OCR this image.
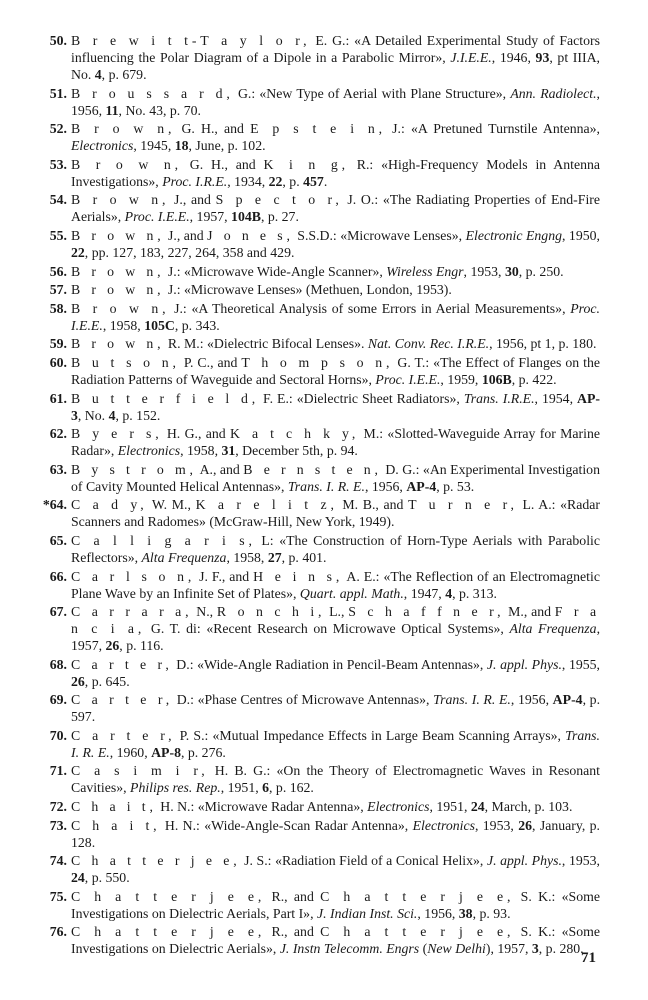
50. B r e w i t t-T a y l o r, E. G.: «A Detailed Experimental Study of Factors influencing the Polar Diagram of a Dipole in a Parabolic Mirror», J.I.E.E., 1946, 93, pt IIIA, No. 4, p. 679.
51. B r o u s s a r d, G.: «New Type of Aerial with Plane Structure», Ann. Radiolect., 1956, 11, No. 43, p. 70.
52. B r o w n, G. H., and E p s t e i n, J.: «A Pretuned Turnstile Antenna», Electronics, 1945, 18, June, p. 102.
53. B r o w n, G. H., and K i n g, R.: «High-Frequency Models in Antenna Investigations», Proc. I.R.E., 1934, 22, p. 457.
54. B r o w n, J., and S p e c t o r, J. O.: «The Radiating Properties of End-Fire Aerials», Proc. I.E.E., 1957, 104B, p. 27.
55. B r o w n, J., and J o n e s, S.S.D.: «Microwave Lenses», Electronic Engng, 1950, 22, pp. 127, 183, 227, 264, 358 and 429.
56. B r o w n, J.: «Microwave Wide-Angle Scanner», Wireless Engr, 1953, 30, p. 250.
57. B r o w n, J.: «Microwave Lenses» (Methuen, London, 1953).
58. B r o w n, J.: «A Theoretical Analysis of some Errors in Aerial Measurements», Proc. I.E.E., 1958, 105C, p. 343.
59. B r o w n, R. M.: «Dielectric Bifocal Lenses». Nat. Conv. Rec. I.R.E., 1956, pt 1, p. 180.
60. B u t s o n, P. C., and T h o m p s o n, G. T.: «The Effect of Flanges on the Radiation Patterns of Waveguide and Sectoral Horns», Proc. I.E.E., 1959, 106B, p. 422.
61. B u t t e r f i e l d, F. E.: «Dielectric Sheet Radiators», Trans. I.R.E., 1954, AP-3, No. 4, p. 152.
62. B y e r s, H. G., and K a t c h k y, M.: «Slotted-Waveguide Array for Marine Radar», Electronics, 1958, 31, December 5th, p. 94.
63. B y s t r o m, A., and B e r n s t e n, D. G.: «An Experimental Investigation of Cavity Mounted Helical Antennas», Trans. I. R. E., 1956, AP-4, p. 53.
*64. C a d y, W. M., K a r e l i t z, M. B., and T u r n e r, L. A.: «Radar Scanners and Radomes» (McGraw-Hill, New York, 1949).
65. C a l l i g a r i s, L: «The Construction of Horn-Type Aerials with Parabolic Reflectors», Alta Frequenza, 1958, 27, p. 401.
66. C a r l s o n, J. F., and H e i n s, A. E.: «The Reflection of an Electromagnetic Plane Wave by an Infinite Set of Plates», Quart. appl. Math., 1947, 4, p. 313.
67. C a r r a r a, N., R o n c h i, L., S c h a f f n e r, M., and F r a n c i a, G. T. di: «Recent Research on Microwave Optical Systems», Alta Frequenza, 1957, 26, p. 116.
68. C a r t e r, D.: «Wide-Angle Radiation in Pencil-Beam Antennas», J. appl. Phys., 1955, 26, p. 645.
69. C a r t e r, D.: «Phase Centres of Microwave Antennas», Trans. I. R. E., 1956, AP-4, p. 597.
70. C a r t e r, P. S.: «Mutual Impedance Effects in Large Beam Scanning Arrays», Trans. I. R. E., 1960, AP-8, p. 276.
71. C a s i m i r, H. B. G.: «On the Theory of Electromagnetic Waves in Resonant Cavities», Philips res. Rep., 1951, 6, p. 162.
72. C h a i t, H. N.: «Microwave Radar Antenna», Electronics, 1951, 24, March, p. 103.
73. C h a i t, H. N.: «Wide-Angle-Scan Radar Antenna», Electronics, 1953, 26, January, p. 128.
74. C h a t t e r j e e, J. S.: «Radiation Field of a Conical Helix», J. appl. Phys., 1953, 24, p. 550.
75. C h a t t e r j e e, R., and C h a t t e r j e e, S. K.: «Some Investigations on Dielectric Aerials, Part I», J. Indian Inst. Sci., 1956, 38, p. 93.
76. C h a t t e r j e e, R., and C h a t t e r j e e, S. K.: «Some Investigations on Dielectric Aerials», J. Instn Telecomm. Engrs (New Delhi), 1957, 3, p. 280.
71
